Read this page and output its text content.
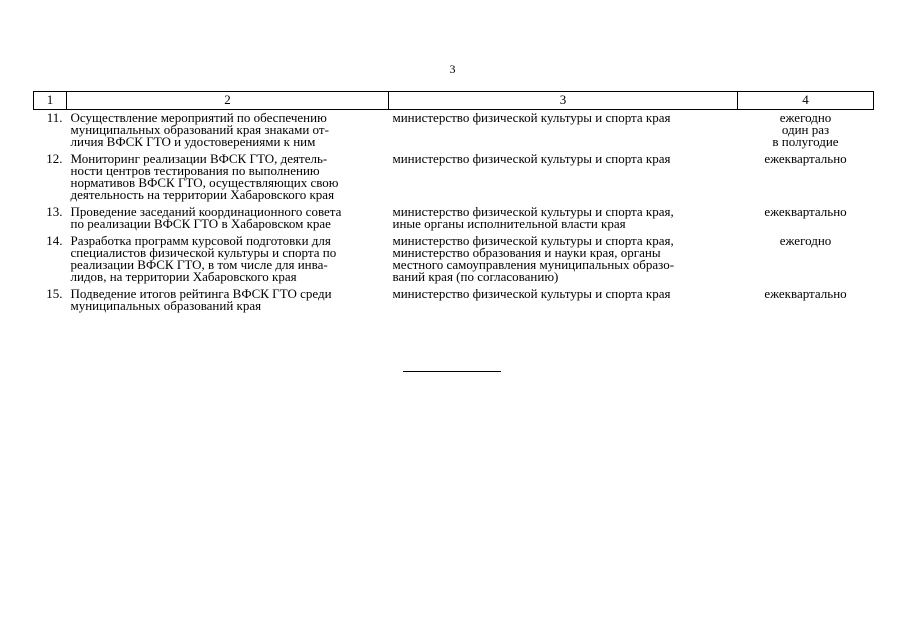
3
1	2	3	4
11.	Осуществление мероприятий по обеспечению
муниципальных образований края знаками от-
личия ВФСК ГТО и удостоверениями к ним	министерство физической культуры и спорта края	ежегодно
один раз
в полугодие

12.	Мониторинг реализации ВФСК ГТО, деятель-
ности центров тестирования по выполнению
нормативов ВФСК ГТО, осуществляющих свою
деятельность на территории Хабаровского края	министерство физической культуры и спорта края	ежеквартально

13.	Проведение заседаний координационного совета
по реализации ВФСК ГТО в Хабаровском крае	министерство физической культуры и спорта края,
иные органы исполнительной власти края	ежеквартально

14.	Разработка программ курсовой подготовки для
специалистов физической культуры и спорта по
реализации ВФСК ГТО, в том числе для инва-
лидов, на территории Хабаровского края	министерство физической культуры и спорта края,
министерство образования и науки края, органы
местного самоуправления муниципальных образо-
ваний края (по согласованию)	ежегодно

15.	Подведение итогов рейтинга ВФСК ГТО среди
муниципальных образований края	министерство физической культуры и спорта края	ежеквартально
